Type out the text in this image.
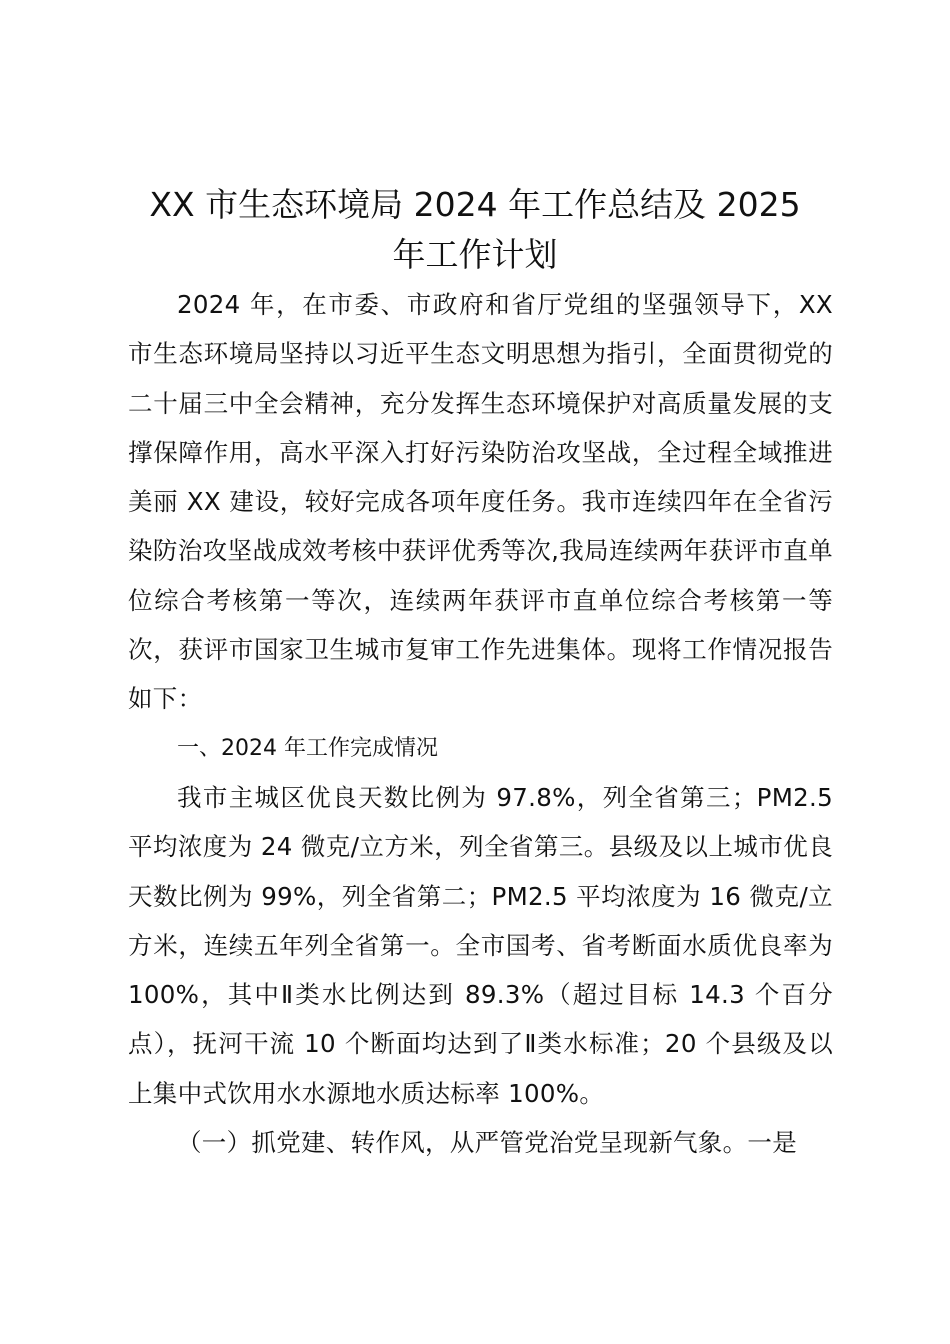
XX 市生态环境局 2024 年工作总结及 2025
年工作计划

2024 年，在市委、市政府和省厅党组的坚强领导下，XX 市生态环境局坚持以习近平生态文明思想为指引，全面贯彻党的二十届三中全会精神，充分发挥生态环境保护对高质量发展的支撑保障作用，高水平深入打好污染防治攻坚战，全过程全域推进美丽 XX 建设，较好完成各项年度任务。我市连续四年在全省污染防治攻坚战成效考核中获评优秀等次,我局连续两年获评市直单位综合考核第一等次，连续两年获评市直单位综合考核第一等次，获评市国家卫生城市复审工作先进集体。现将工作情况报告如下：

一、2024 年工作完成情况

我市主城区优良天数比例为 97.8%，列全省第三；PM2.5 平均浓度为 24 微克/立方米，列全省第三。县级及以上城市优良天数比例为 99%，列全省第二；PM2.5 平均浓度为 16 微克/立方米，连续五年列全省第一。全市国考、省考断面水质优良率为 100%，其中Ⅱ类水比例达到 89.3%（超过目标 14.3 个百分点），抚河干流 10 个断面均达到了Ⅱ类水标准；20 个县级及以上集中式饮用水水源地水质达标率 100%。

（一）抓党建、转作风，从严管党治党呈现新气象。一是
